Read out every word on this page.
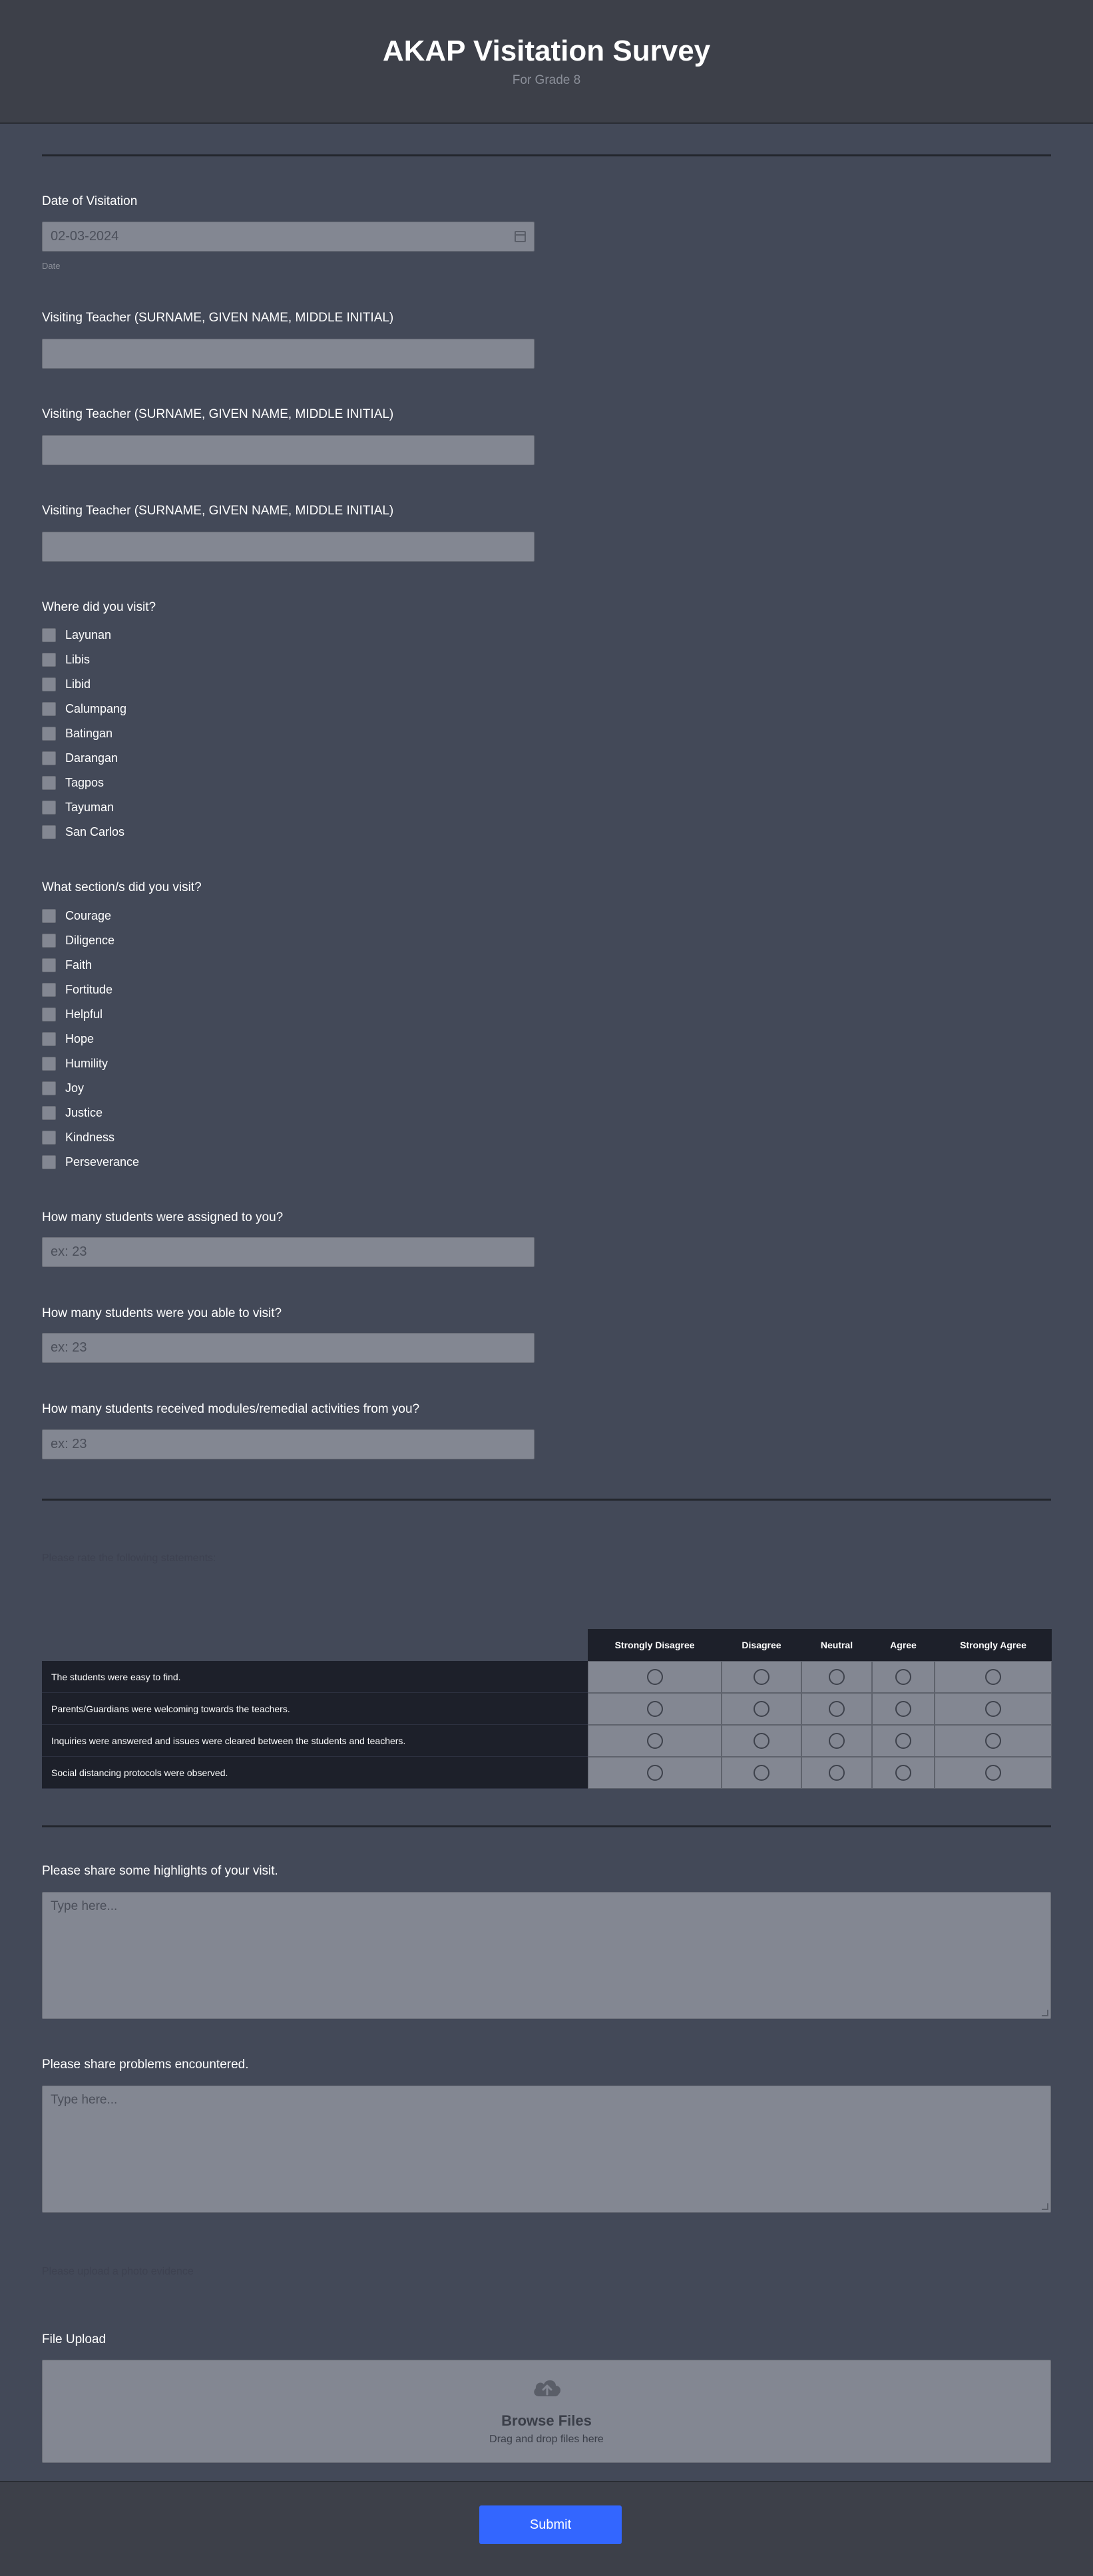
AKAP Visitation Survey
For Grade 8
Date of Visitation
02-03-2024
Date
Visiting Teacher (SURNAME, GIVEN NAME, MIDDLE INITIAL)
Visiting Teacher (SURNAME, GIVEN NAME, MIDDLE INITIAL)
Visiting Teacher (SURNAME, GIVEN NAME, MIDDLE INITIAL)
Where did you visit?
Layunan
Libis
Libid
Calumpang
Batingan
Darangan
Tagpos
Tayuman
San Carlos
What section/s did you visit?
Courage
Diligence
Faith
Fortitude
Helpful
Hope
Humility
Joy
Justice
Kindness
Perseverance
How many students were assigned to you?
ex: 23
How many students were you able to visit?
ex: 23
How many students received modules/remedial activities from you?
ex: 23
Please rate the following statements:
Strongly Disagree	Disagree	Neutral	Agree	Strongly Agree
The students were easy to find.
Parents/Guardians were welcoming towards the teachers.
Inquiries were answered and issues were cleared between the students and teachers.
Social distancing protocols were observed.
Please share some highlights of your visit.
Type here...
Please share problems encountered.
Type here...
Please upload a photo evidence
File Upload
Browse Files
Drag and drop files here
Submit
